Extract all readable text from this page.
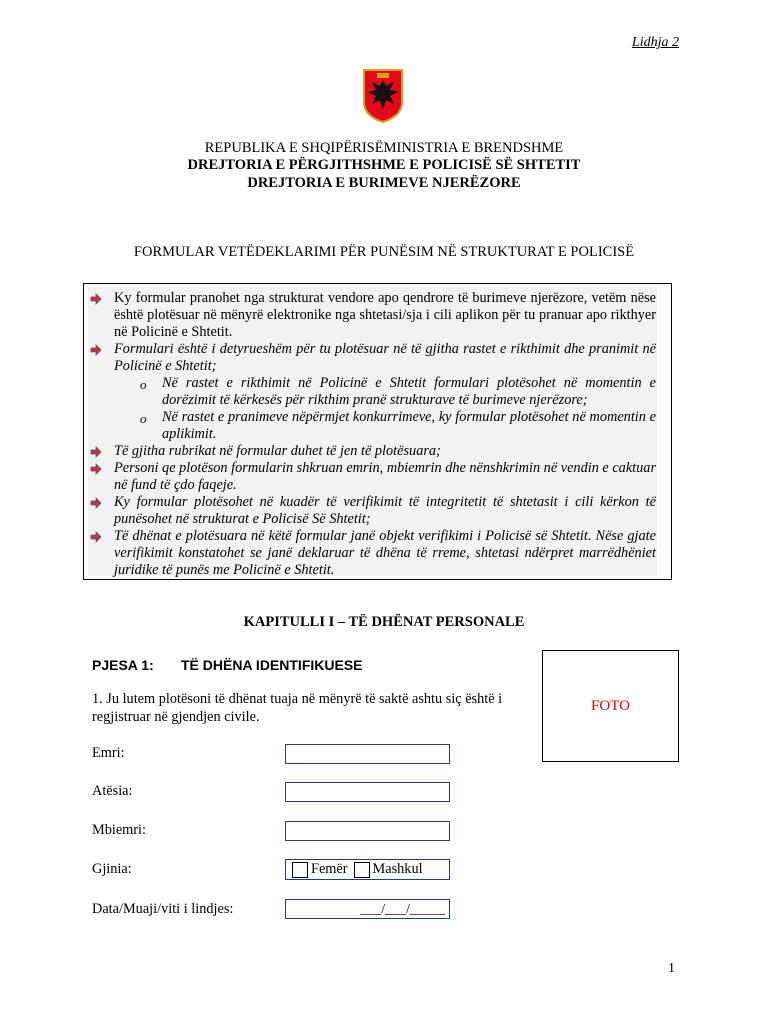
Lidhja 2
REPUBLIKA E SHQIPËRISËMINISTRIA E BRENDSHME
DREJTORIA E PËRGJITHSHME E POLICISË SË SHTETIT
DREJTORIA E BURIMEVE NJERËZORE
FORMULAR VETËDEKLARIMI PËR PUNËSIM NË STRUKTURAT E POLICISË
Ky formular pranohet nga strukturat vendore apo qendrore të burimeve njerëzore, vetëm nëse është plotësuar në mënyrë elektronike nga shtetasi/sja i cili aplikon për tu pranuar apo rikthyer në Policinë e Shtetit.
Formulari është i detyrueshëm për tu plotësuar në të gjitha rastet e rikthimit dhe pranimit në Policinë e Shtetit;
o Në rastet e rikthimit në Policinë e Shtetit formulari plotësohet në momentin e dorëzimit të kërkesës për rikthim pranë strukturave të burimeve njerëzore;
o Në rastet e pranimeve nëpërmjet konkurrimeve, ky formular plotësohet në momentin e aplikimit.
Të gjitha rubrikat në formular duhet të jen të plotësuara;
Personi qe plotëson formularin shkruan emrin, mbiemrin dhe nënshkrimin në vendin e caktuar në fund të çdo faqeje.
Ky formular plotësohet në kuadër të verifikimit të integritetit të shtetasit i cili kërkon të punësohet në strukturat e Policisë Së Shtetit;
Të dhënat e plotësuara në këtë formular janë objekt verifikimi i Policisë së Shtetit. Nëse gjate verifikimit konstatohet se janë deklaruar të dhëna të rreme, shtetasi ndërpret marrëdhëniet juridike të punës me Policinë e Shtetit.
KAPITULLI I – TË DHËNAT PERSONALE
PJESA 1: TË DHËNA IDENTIFIKUESE
1. Ju lutem plotësoni të dhënat tuaja në mënyrë të saktë ashtu siç është i regjistruar në gjendjen civile.
FOTO
Emri:
Atësia:
Mbiemri:
Gjinia:	Femër Mashkul
Data/Muaji/viti i lindjes:	___/___/_____
1
